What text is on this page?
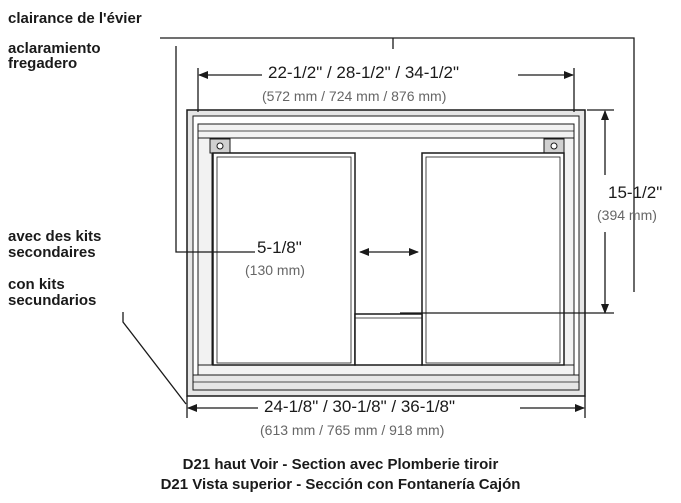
clairance de l'évier
aclaramiento
fregadero
avec des kits
secondaires
con kits
secundarios
22-1/2" / 28-1/2" / 34-1/2"
(572 mm / 724 mm / 876 mm)
15-1/2"
(394 mm)
5-1/8"
(130 mm)
24-1/8" / 30-1/8" / 36-1/8"
(613 mm / 765 mm / 918 mm)
D21 haut Voir - Section avec Plomberie tiroir
D21 Vista superior - Sección con Fontanería Cajón
